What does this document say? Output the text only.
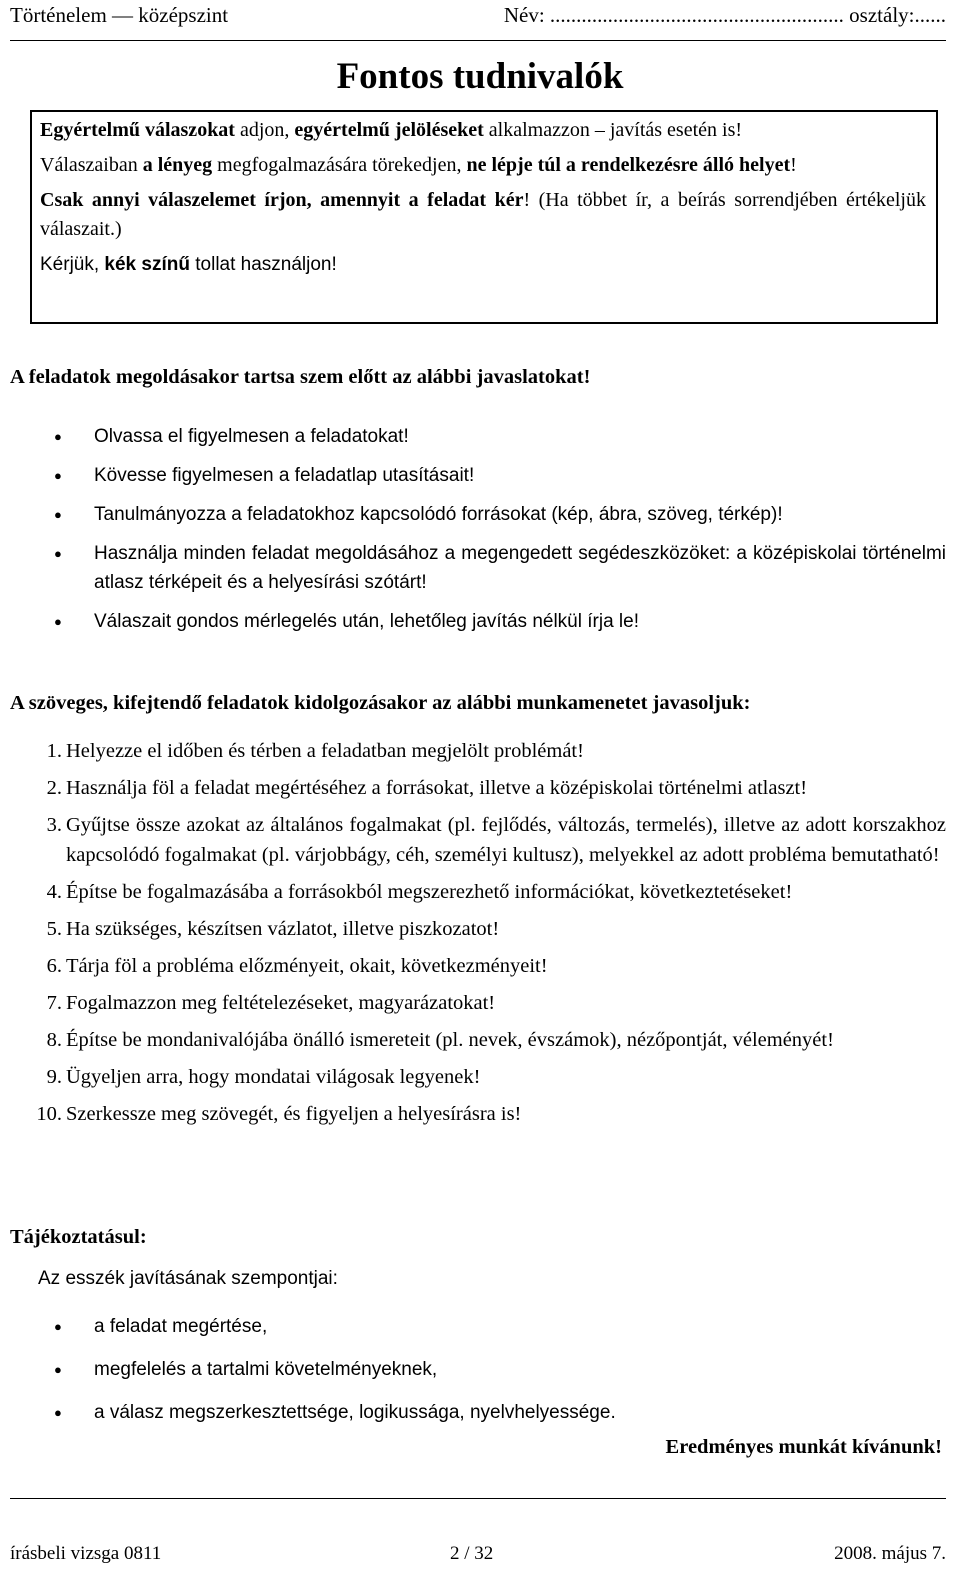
Történelem — középszint	Név: ........................................................ osztály:......
Fontos tudnivalók

Egyértelmű válaszokat adjon, egyértelmű jelöléseket alkalmazzon – javítás esetén is!

Válaszaiban a lényeg megfogalmazására törekedjen, ne lépje túl a rendelkezésre álló helyet!

Csak annyi válaszelemet írjon, amennyit a feladat kér! (Ha többet ír, a beírás sorrendjében értékeljük válaszait.)

Kérjük, kék színű tollat használjon!

A feladatok megoldásakor tartsa szem előtt az alábbi javaslatokat!
● Olvassa el figyelmesen a feladatokat!
● Kövesse figyelmesen a feladatlap utasításait!
● Tanulmányozza a feladatokhoz kapcsolódó forrásokat (kép, ábra, szöveg, térkép)!
● Használja minden feladat megoldásához a megengedett segédeszközöket: a középiskolai történelmi atlasz térképeit és a helyesírási szótárt!
● Válaszait gondos mérlegelés után, lehetőleg javítás nélkül írja le!
A szöveges, kifejtendő feladatok kidolgozásakor az alábbi munkamenetet javasoljuk:
1. Helyezze el időben és térben a feladatban megjelölt problémát!
2. Használja föl a feladat megértéséhez a forrásokat, illetve a középiskolai történelmi atlaszt!
3. Gyűjtse össze azokat az általános fogalmakat (pl. fejlődés, változás, termelés), illetve az adott korszakhoz kapcsolódó fogalmakat (pl. várjobbágy, céh, személyi kultusz), melyekkel az adott probléma bemutatható!
4. Építse be fogalmazásába a forrásokból megszerezhető információkat, következtetéseket!
5. Ha szükséges, készítsen vázlatot, illetve piszkozatot!
6. Tárja föl a probléma előzményeit, okait, következményeit!
7. Fogalmazzon meg feltételezéseket, magyarázatokat!
8. Építse be mondanivalójába önálló ismereteit (pl. nevek, évszámok), nézőpontját, véleményét!
9. Ügyeljen arra, hogy mondatai világosak legyenek!
10. Szerkessze meg szövegét, és figyeljen a helyesírásra is!
Tájékoztatásul:
Az esszék javításának szempontjai:
● a feladat megértése,
● megfelelés a tartalmi követelményeknek,
● a válasz megszerkesztettsége, logikussága, nyelvhelyessége.
Eredményes munkát kívánunk!
írásbeli vizsga 0811	2 / 32	2008. május 7.
